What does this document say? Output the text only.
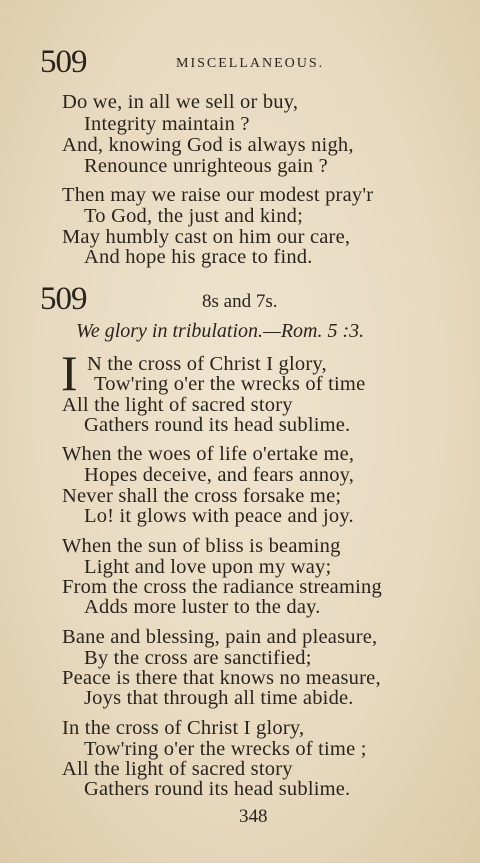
509	MISCELLANEOUS.
Do we, in all we sell or buy,
Integrity maintain ?
And, knowing God is always nigh,
Renounce unrighteous gain ?
Then may we raise our modest pray'r
To God, the just and kind;
May humbly cast on him our care,
And hope his grace to find.
509	8s and 7s.
We glory in tribulation.—Rom. 5 :3.
I N the cross of Christ I glory,
Tow'ring o'er the wrecks of time
All the light of sacred story
Gathers round its head sublime.
When the woes of life o'ertake me,
Hopes deceive, and fears annoy,
Never shall the cross forsake me;
Lo! it glows with peace and joy.
When the sun of bliss is beaming
Light and love upon my way;
From the cross the radiance streaming
Adds more luster to the day.
Bane and blessing, pain and pleasure,
By the cross are sanctified;
Peace is there that knows no measure,
Joys that through all time abide.
In the cross of Christ I glory,
Tow'ring o'er the wrecks of time ;
All the light of sacred story
Gathers round its head sublime.
348
